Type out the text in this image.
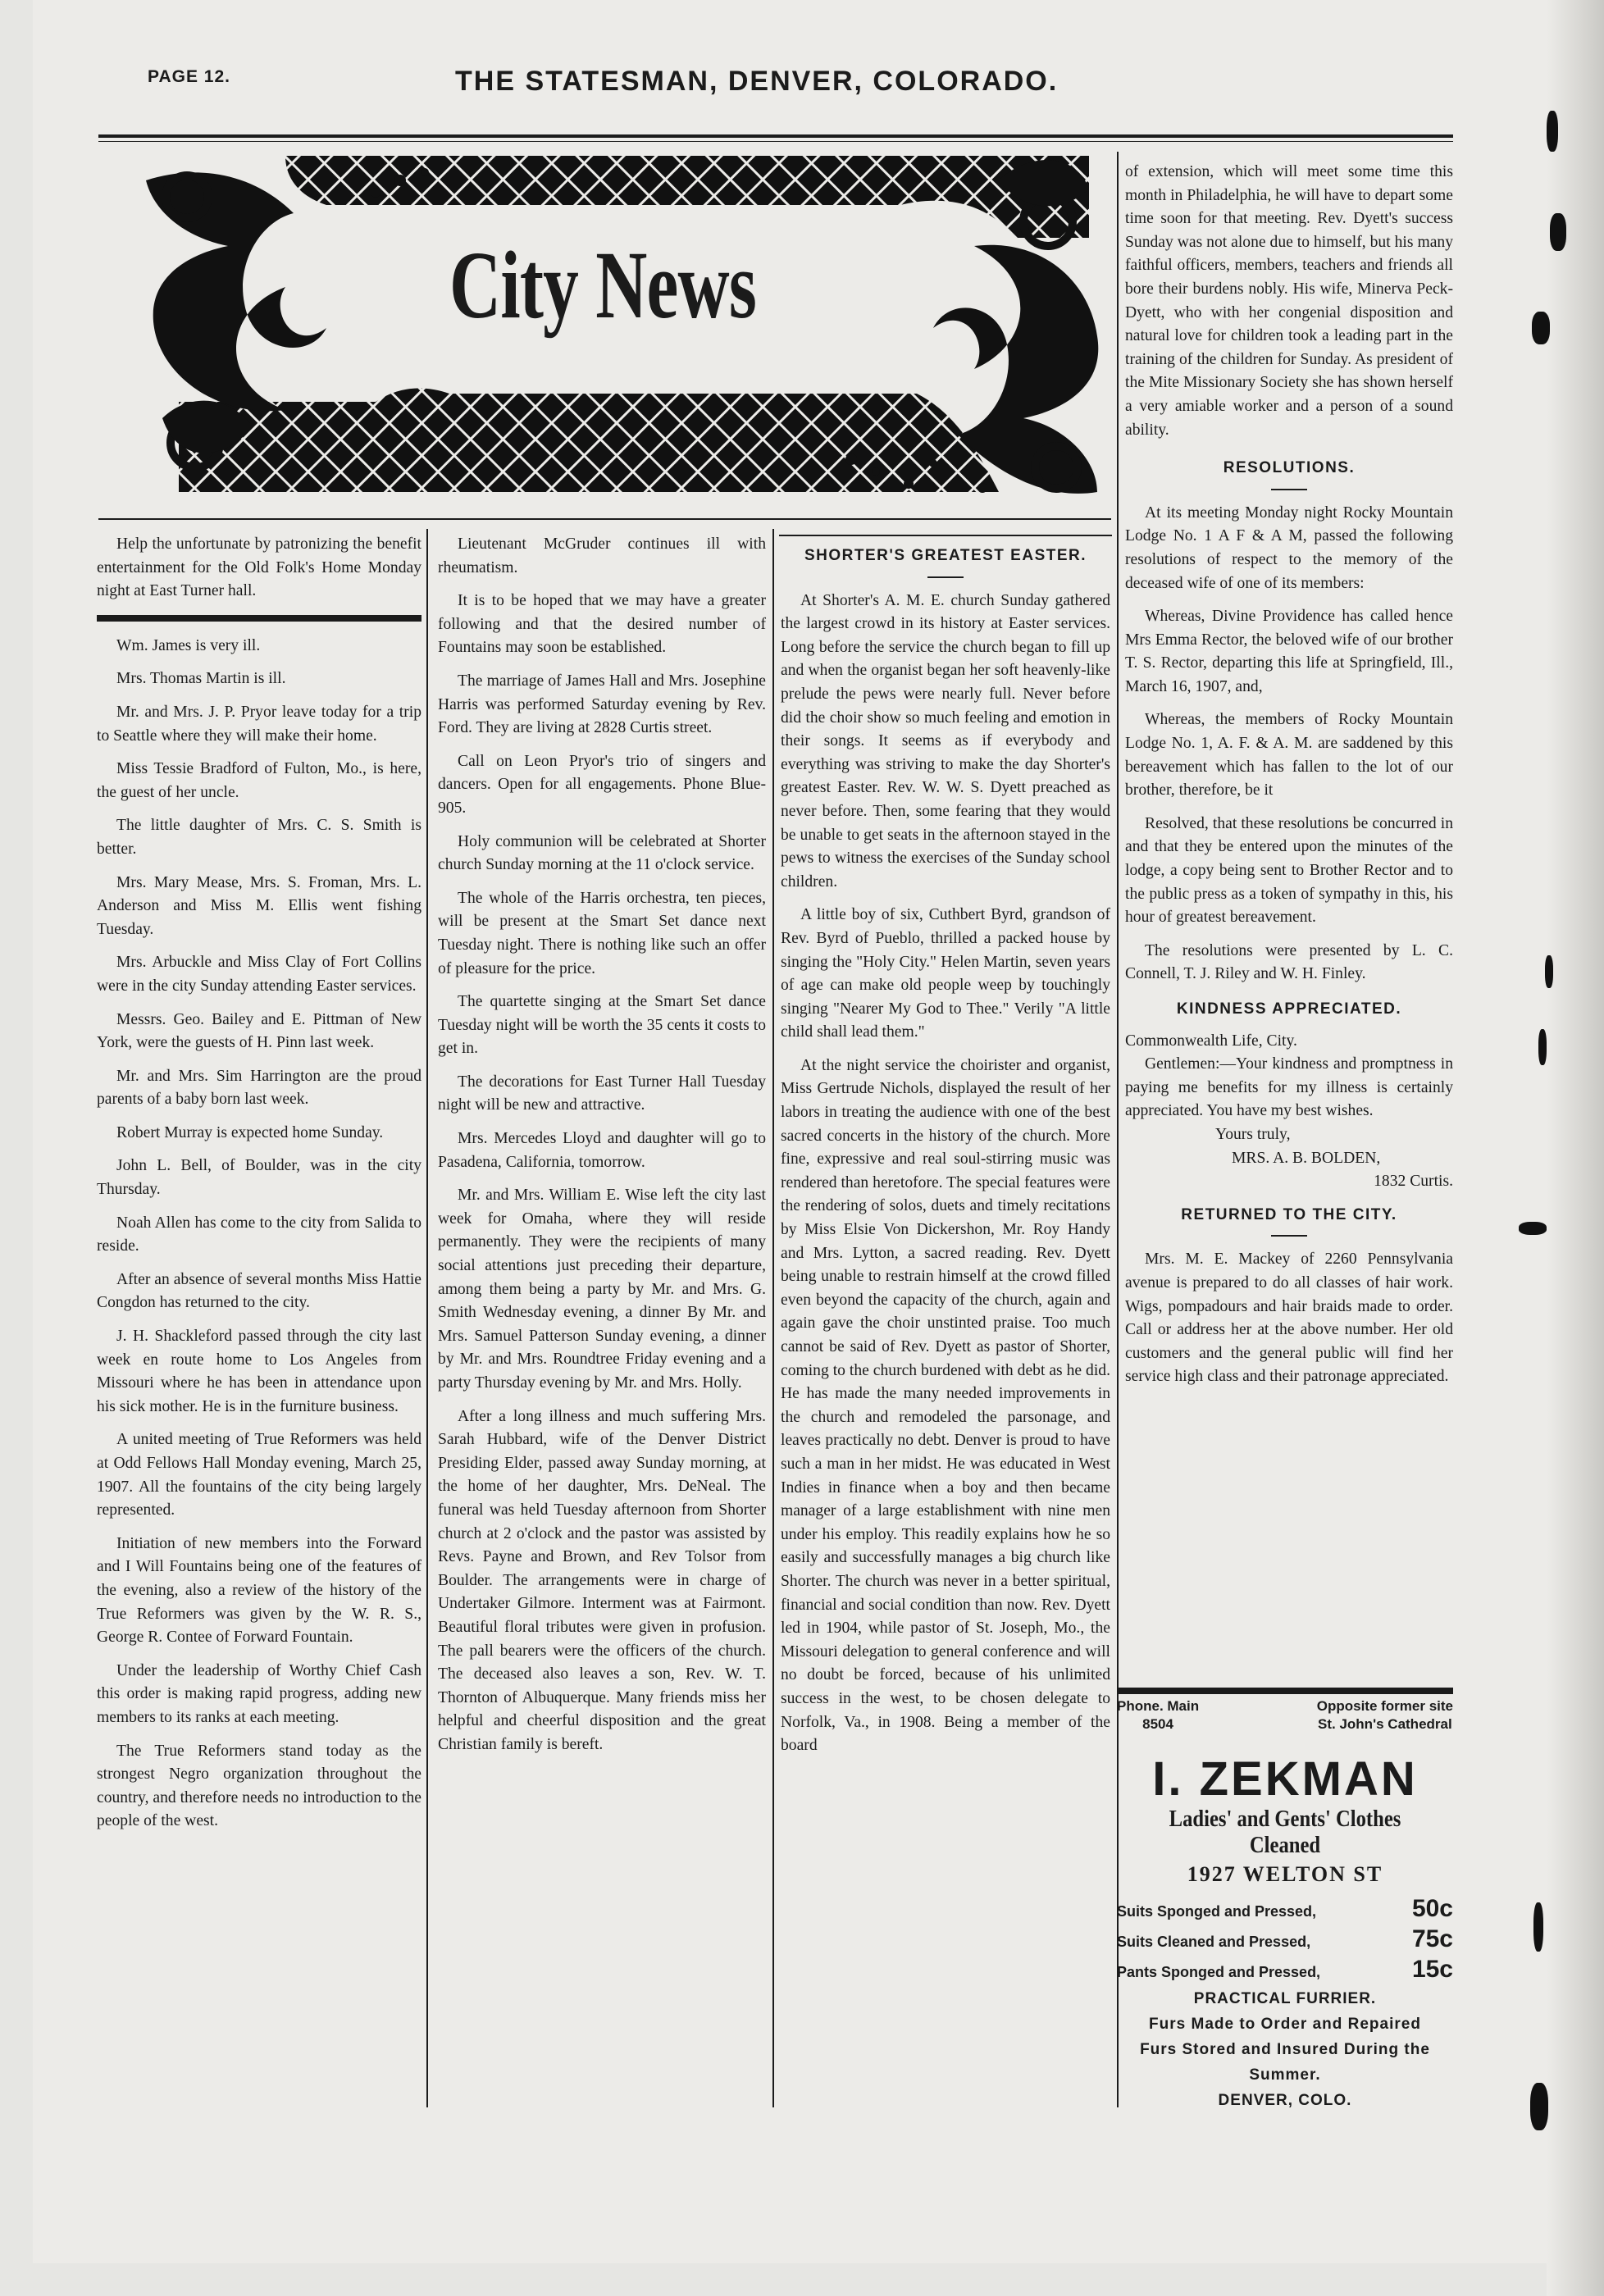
PAGE 12.	THE STATESMAN, DENVER, COLORADO.
City News

Help the unfortunate by patronizing the benefit entertainment for the Old Folk's Home Monday night at East Turner hall.

Wm. James is very ill.

Mrs. Thomas Martin is ill.

Mr. and Mrs. J. P. Pryor leave today for a trip to Seattle where they will make their home.

Miss Tessie Bradford of Fulton, Mo., is here, the guest of her uncle.

The little daughter of Mrs. C. S. Smith is better.

Mrs. Mary Mease, Mrs. S. Froman, Mrs. L. Anderson and Miss M. Ellis went fishing Tuesday.

Mrs. Arbuckle and Miss Clay of Fort Collins were in the city Sunday attending Easter services.

Messrs. Geo. Bailey and E. Pittman of New York, were the guests of H. Pinn last week.

Mr. and Mrs. Sim Harrington are the proud parents of a baby born last week.

Robert Murray is expected home Sunday.

John L. Bell, of Boulder, was in the city Thursday.

Noah Allen has come to the city from Salida to reside.

After an absence of several months Miss Hattie Congdon has returned to the city.

J. H. Shackleford passed through the city last week en route home to Los Angeles from Missouri where he has been in attendance upon his sick mother. He is in the furniture business.

A united meeting of True Reformers was held at Odd Fellows Hall Monday evening, March 25, 1907. All the fountains of the city being largely represented.

Initiation of new members into the Forward and I Will Fountains being one of the features of the evening, also a review of the history of the True Reformers was given by the W. R. S., George R. Contee of Forward Fountain.

Under the leadership of Worthy Chief Cash this order is making rapid progress, adding new members to its ranks at each meeting.

The True Reformers stand today as the strongest Negro organization throughout the country, and therefore needs no introduction to the people of the west.

Lieutenant McGruder continues ill with rheumatism.

It is to be hoped that we may have a greater following and that the desired number of Fountains may soon be established.

The marriage of James Hall and Mrs. Josephine Harris was performed Saturday evening by Rev. Ford. They are living at 2828 Curtis street.

Call on Leon Pryor's trio of singers and dancers. Open for all engagements. Phone Blue-905.

Holy communion will be celebrated at Shorter church Sunday morning at the 11 o'clock service.

The whole of the Harris orchestra, ten pieces, will be present at the Smart Set dance next Tuesday night. There is nothing like such an offer of pleasure for the price.

The quartette singing at the Smart Set dance Tuesday night will be worth the 35 cents it costs to get in.

The decorations for East Turner Hall Tuesday night will be new and attractive.

Mrs. Mercedes Lloyd and daughter will go to Pasadena, California, tomorrow.

Mr. and Mrs. William E. Wise left the city last week for Omaha, where they will reside permanently. They were the recipients of many social attentions just preceding their departure, among them being a party by Mr. and Mrs. G. Smith Wednesday evening, a dinner By Mr. and Mrs. Samuel Patterson Sunday evening, a dinner by Mr. and Mrs. Roundtree Friday evening and a party Thursday evening by Mr. and Mrs. Holly.

After a long illness and much suffering Mrs. Sarah Hubbard, wife of the Denver District Presiding Elder, passed away Sunday morning, at the home of her daughter, Mrs. DeNeal. The funeral was held Tuesday afternoon from Shorter church at 2 o'clock and the pastor was assisted by Revs. Payne and Brown, and Rev Tolsor from Boulder. The arrangements were in charge of Undertaker Gilmore. Interment was at Fairmont. Beautiful floral tributes were given in profusion. The pall bearers were the officers of the church. The deceased also leaves a son, Rev. W. T. Thornton of Albuquerque. Many friends miss her helpful and cheerful disposition and the great Christian family is bereft.

SHORTER'S GREATEST EASTER.

At Shorter's A. M. E. church Sunday gathered the largest crowd in its history at Easter services. Long before the service the church began to fill up and when the organist began her soft heavenly-like prelude the pews were nearly full. Never before did the choir show so much feeling and emotion in their songs. It seems as if everybody and everything was striving to make the day Shorter's greatest Easter. Rev. W. W. S. Dyett preached as never before. Then, some fearing that they would be unable to get seats in the afternoon stayed in the pews to witness the exercises of the Sunday school children.

A little boy of six, Cuthbert Byrd, grandson of Rev. Byrd of Pueblo, thrilled a packed house by singing the "Holy City." Helen Martin, seven years of age can make old people weep by touchingly singing "Nearer My God to Thee." Verily "A little child shall lead them."

At the night service the choirister and organist, Miss Gertrude Nichols, displayed the result of her labors in treating the audience with one of the best sacred concerts in the history of the church. More fine, expressive and real soul-stirring music was rendered than heretofore. The special features were the rendering of solos, duets and timely recitations by Miss Elsie Von Dickershon, Mr. Roy Handy and Mrs. Lytton, a sacred reading. Rev. Dyett being unable to restrain himself at the crowd filled even beyond the capacity of the church, again and again gave the choir unstinted praise. Too much cannot be said of Rev. Dyett as pastor of Shorter, coming to the church burdened with debt as he did. He has made the many needed improvements in the church and remodeled the parsonage, and leaves practically no debt. Denver is proud to have such a man in her midst. He was educated in West Indies in finance when a boy and then became manager of a large establishment with nine men under his employ. This readily explains how he so easily and successfully manages a big church like Shorter. The church was never in a better spiritual, financial and social condition than now. Rev. Dyett led in 1904, while pastor of St. Joseph, Mo., the Missouri delegation to general conference and will no doubt be forced, because of his unlimited success in the west, to be chosen delegate to Norfolk, Va., in 1908. Being a member of the board

of extension, which will meet some time this month in Philadelphia, he will have to depart some time soon for that meeting. Rev. Dyett's success Sunday was not alone due to himself, but his many faithful officers, members, teachers and friends all bore their burdens nobly. His wife, Minerva Peck-Dyett, who with her congenial disposition and natural love for children took a leading part in the training of the children for Sunday. As president of the Mite Missionary Society she has shown herself a very amiable worker and a person of a sound ability.

RESOLUTIONS.

At its meeting Monday night Rocky Mountain Lodge No. 1 A F & A M, passed the following resolutions of respect to the memory of the deceased wife of one of its members:

Whereas, Divine Providence has called hence Mrs Emma Rector, the beloved wife of our brother T. S. Rector, departing this life at Springfield, Ill., March 16, 1907, and,

Whereas, the members of Rocky Mountain Lodge No. 1, A. F. & A. M. are saddened by this bereavement which has fallen to the lot of our brother, therefore, be it

Resolved, that these resolutions be concurred in and that they be entered upon the minutes of the lodge, a copy being sent to Brother Rector and to the public press as a token of sympathy in this, his hour of greatest bereavement.

The resolutions were presented by L. C. Connell, T. J. Riley and W. H. Finley.

KINDNESS APPRECIATED.

Commonwealth Life, City.

Gentlemen:—Your kindness and promptness in paying me benefits for my illness is certainly appreciated. You have my best wishes.

Yours truly,

MRS. A. B. BOLDEN,

1832 Curtis.

RETURNED TO THE CITY.

Mrs. M. E. Mackey of 2260 Pennsylvania avenue is prepared to do all classes of hair work. Wigs, pompadours and hair braids made to order. Call or address her at the above number. Her old customers and the general public will find her service high class and their patronage appreciated.

Phone. Main
8504
Opposite former site
St. John's Cathedral
I. ZEKMAN
Ladies' and Gents' Clothes Cleaned
1927 WELTON ST
Suits Sponged and Pressed,	50c
Suits Cleaned and Pressed,	75c
Pants Sponged and Pressed,	15c
PRACTICAL FURRIER.
Furs Made to Order and Repaired
Furs Stored and Insured During the
Summer.
DENVER, COLO.
